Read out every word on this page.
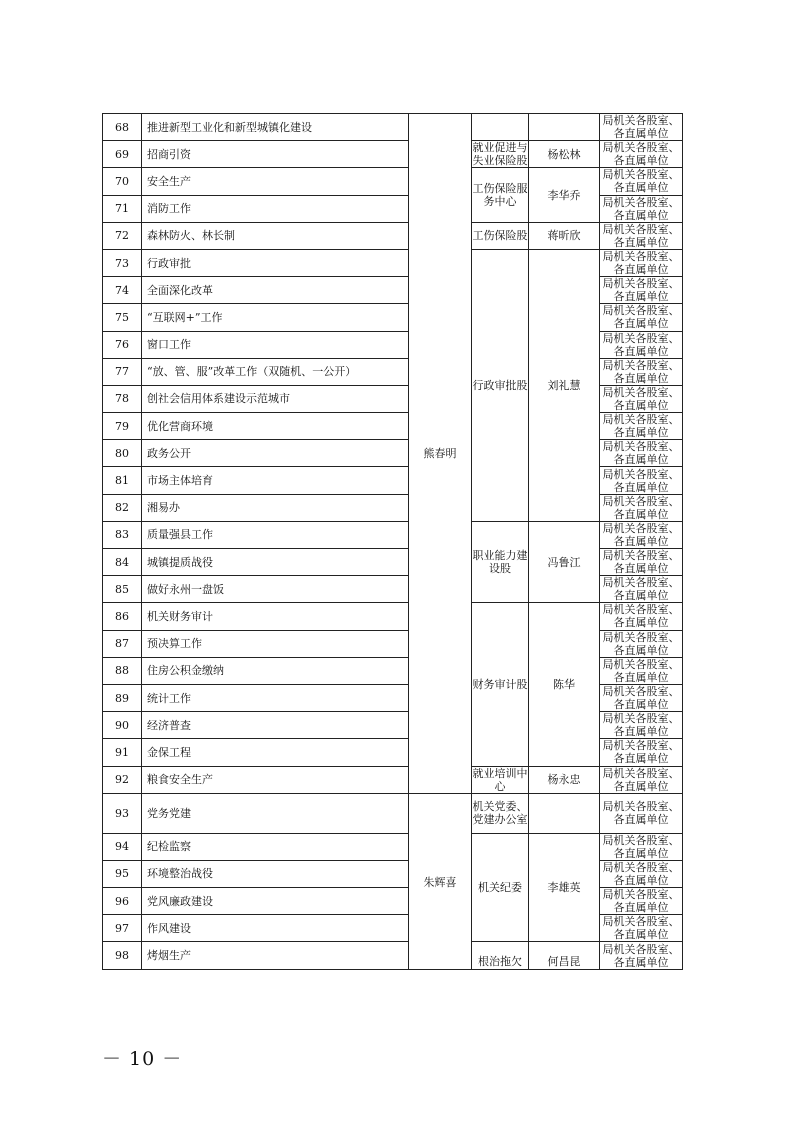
68	推进新型工业化和新型城镇化建设	熊春明			局机关各股室、各直属单位
69	招商引资		就业促进与失业保险股	杨松林	局机关各股室、各直属单位
70	安全生产		工伤保险服务中心	李华乔	局机关各股室、各直属单位
71	消防工作				局机关各股室、各直属单位
72	森林防火、林长制		工伤保险股	蒋昕欣	局机关各股室、各直属单位
73	行政审批		行政审批股	刘礼慧	局机关各股室、各直属单位
74	全面深化改革				局机关各股室、各直属单位
75	“互联网+”工作				局机关各股室、各直属单位
76	窗口工作				局机关各股室、各直属单位
77	“放、管、服”改革工作（双随机、一公开）				局机关各股室、各直属单位
78	创社会信用体系建设示范城市				局机关各股室、各直属单位
79	优化营商环境				局机关各股室、各直属单位
80	政务公开				局机关各股室、各直属单位
81	市场主体培育				局机关各股室、各直属单位
82	湘易办				局机关各股室、各直属单位
83	质量强县工作		职业能力建设股	冯鲁江	局机关各股室、各直属单位
84	城镇提质战役				局机关各股室、各直属单位
85	做好永州一盘饭				局机关各股室、各直属单位
86	机关财务审计		财务审计股	陈华	局机关各股室、各直属单位
87	预决算工作				局机关各股室、各直属单位
88	住房公积金缴纳				局机关各股室、各直属单位
89	统计工作				局机关各股室、各直属单位
90	经济普查				局机关各股室、各直属单位
91	金保工程				局机关各股室、各直属单位
92	粮食安全生产		就业培训中心	杨永忠	局机关各股室、各直属单位
93	党务党建	朱辉喜	机关党委、党建办公室		局机关各股室、各直属单位
94	纪检监察		机关纪委	李雄英	局机关各股室、各直属单位
95	环境整治战役				局机关各股室、各直属单位
96	党风廉政建设				局机关各股室、各直属单位
97	作风建设				局机关各股室、各直属单位
98	烤烟生产		根治拖欠	何昌昆	局机关各股室、各直属单位
－ 10 －
